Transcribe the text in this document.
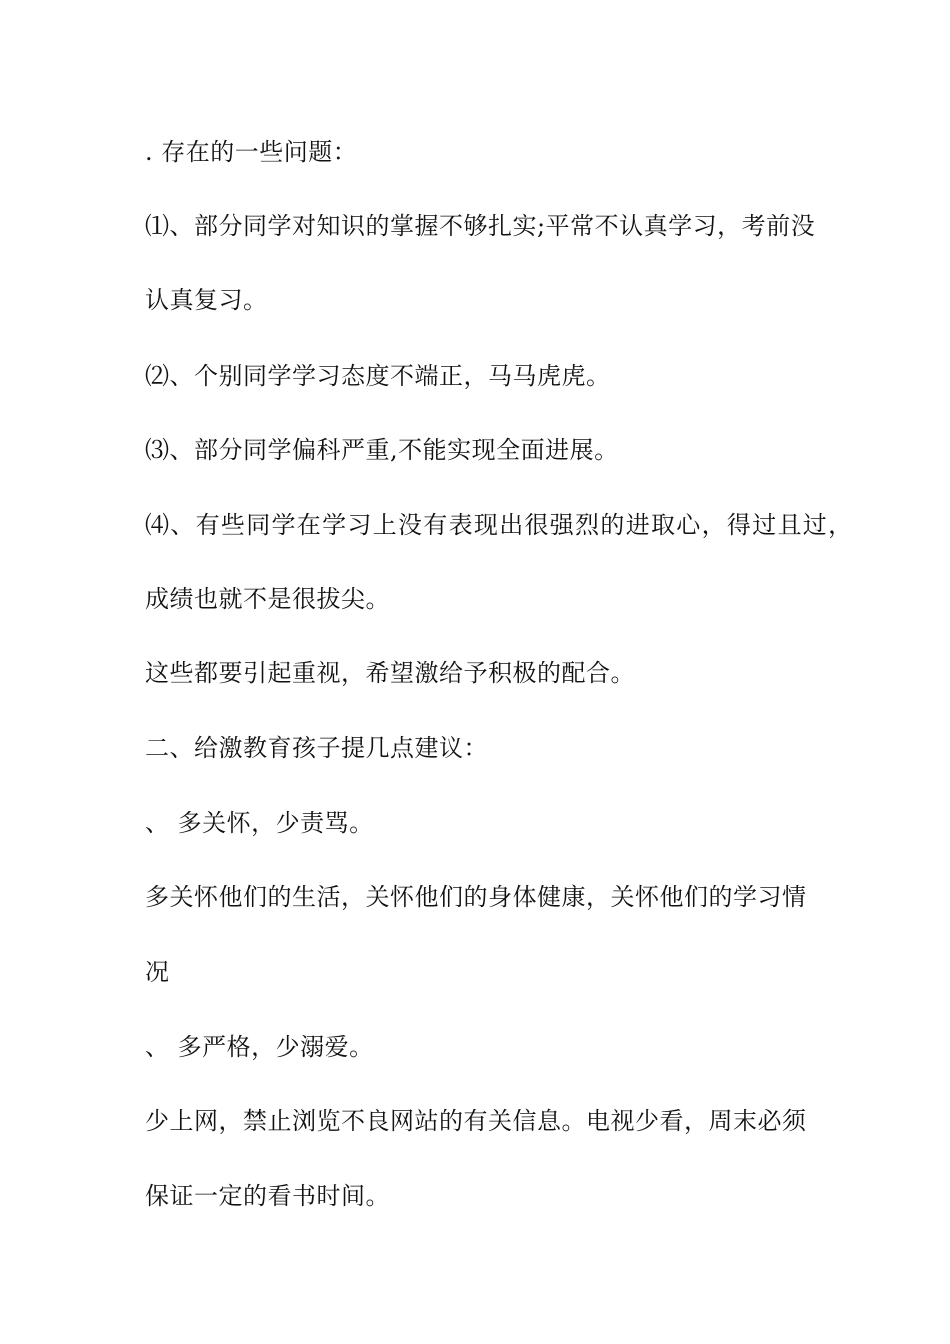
. 存在的一些问题：
⑴、部分同学对知识的掌握不够扎实;平常不认真学习，考前没
认真复习。
⑵、个别同学学习态度不端正，马马虎虎。
⑶、部分同学偏科严重,不能实现全面进展。
⑷、有些同学在学习上没有表现出很强烈的进取心，得过且过，
成绩也就不是很拔尖。
这些都要引起重视，希望激给予积极的配合。
二、给激教育孩子提几点建议：
、 多关怀，少责骂。
多关怀他们的生活，关怀他们的身体健康，关怀他们的学习情
况
、 多严格，少溺爱。
少上网，禁止浏览不良网站的有关信息。电视少看，周末必须
保证一定的看书时间。
